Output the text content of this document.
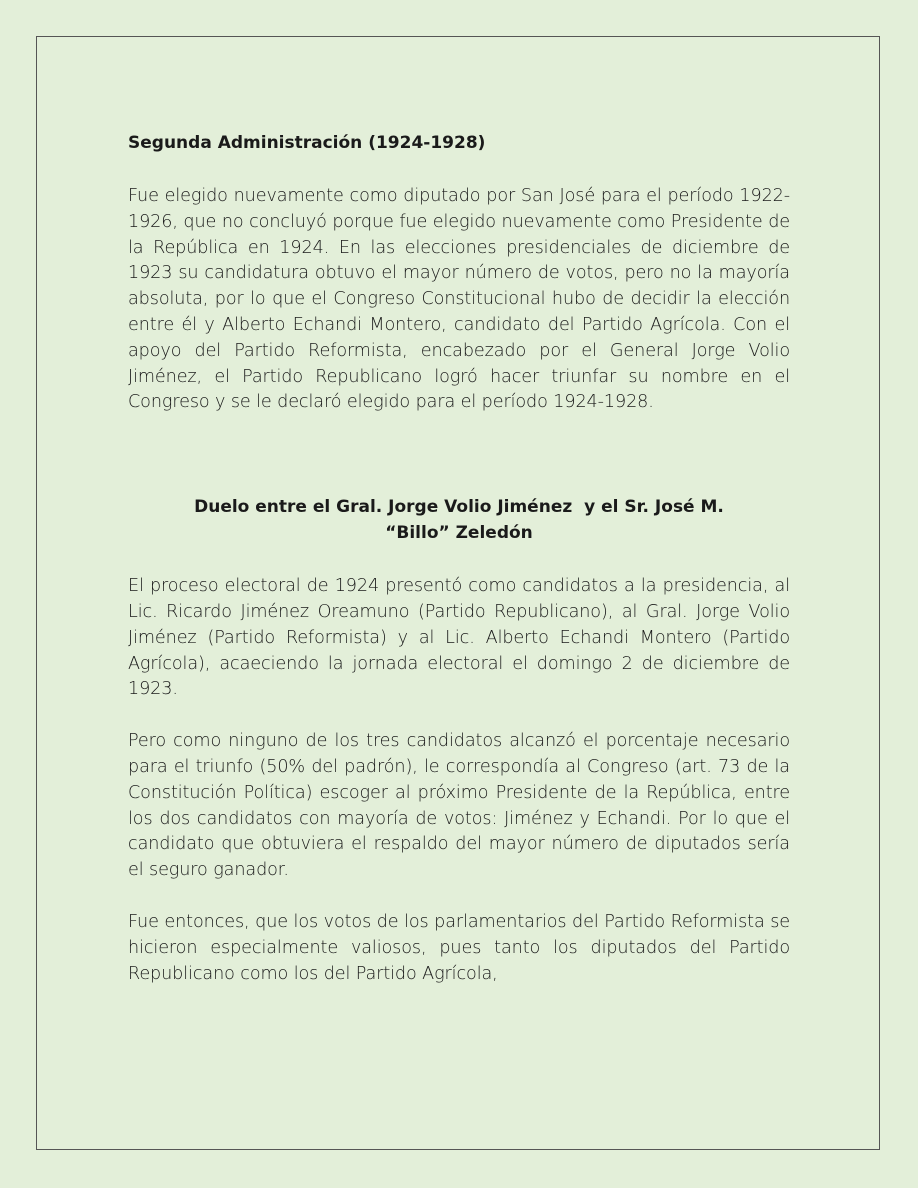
Segunda Administración (1924-1928)

Fue elegido nuevamente como diputado por San José para el período 1922-1926, que no concluyó porque fue elegido nuevamente como Presidente de la República en 1924. En las elecciones presidenciales de diciembre de 1923 su candidatura obtuvo el mayor número de votos, pero no la mayoría absoluta, por lo que el Congreso Constitucional hubo de decidir la elección entre él y Alberto Echandi Montero, candidato del Partido Agrícola. Con el apoyo del Partido Reformista, encabezado por el General Jorge Volio Jiménez, el Partido Republicano logró hacer triunfar su nombre en el Congreso y se le declaró elegido para el período 1924-1928.

Duelo entre el Gral. Jorge Volio Jiménez  y el Sr. José M.
“Billo” Zeledón

El proceso electoral de 1924 presentó como candidatos a la presidencia, al Lic. Ricardo Jiménez Oreamuno (Partido Republicano), al Gral. Jorge Volio Jiménez (Partido Reformista) y al Lic. Alberto Echandi Montero (Partido Agrícola), acaeciendo la jornada electoral el domingo 2 de diciembre de 1923.

Pero como ninguno de los tres candidatos alcanzó el porcentaje necesario para el triunfo (50% del padrón), le correspondía al Congreso (art. 73 de la Constitución Política) escoger al próximo Presidente de la República, entre los dos candidatos con mayoría de votos: Jiménez y Echandi. Por lo que el candidato que obtuviera el respaldo del mayor número de diputados sería el seguro ganador.

Fue entonces, que los votos de los parlamentarios del Partido Reformista se hicieron especialmente valiosos, pues tanto los diputados del Partido Republicano como los del Partido Agrícola,
